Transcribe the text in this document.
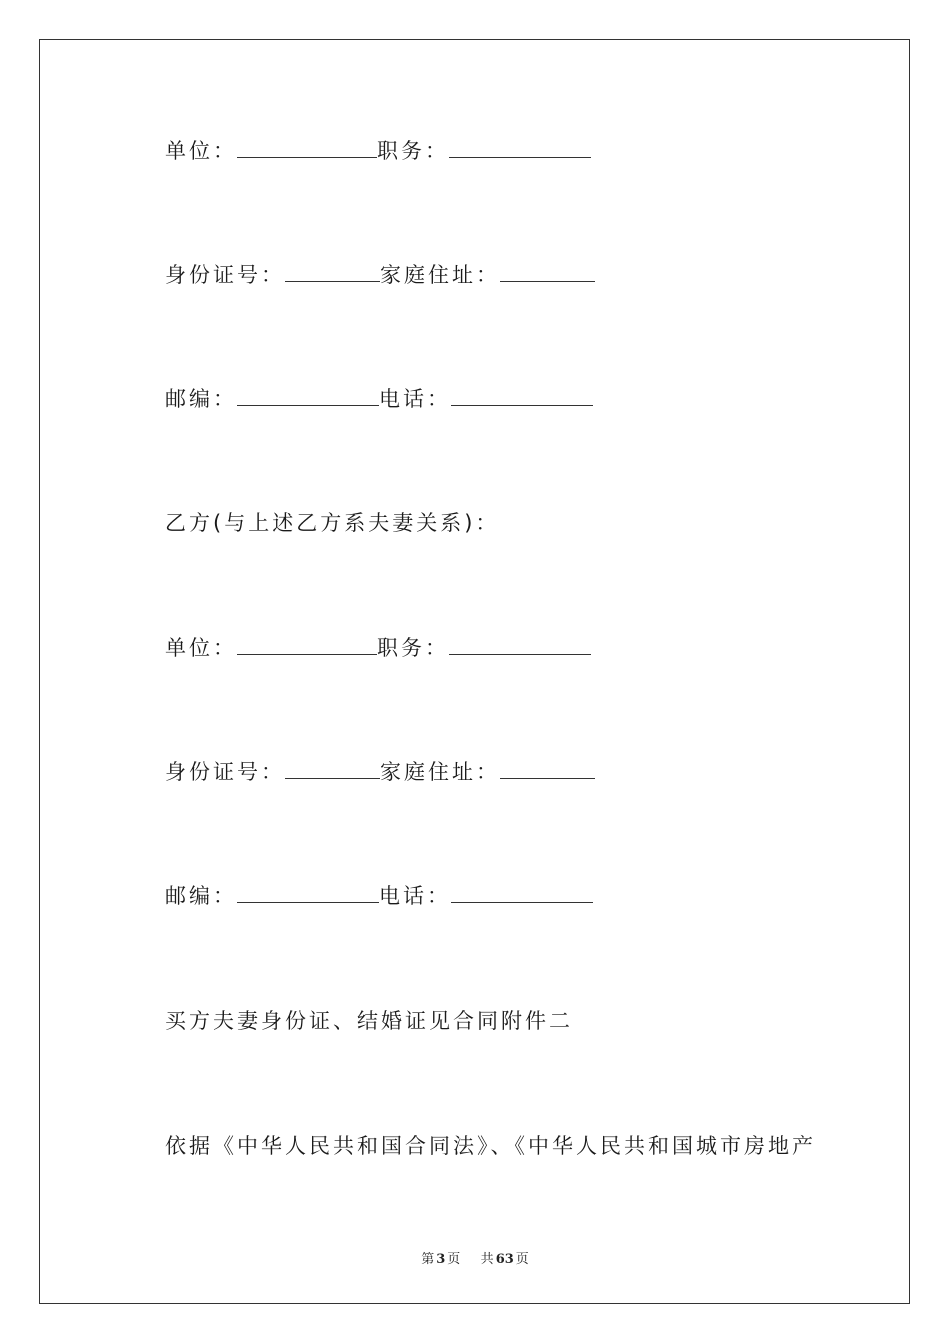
单位：	职务：
身份证号：	家庭住址：
邮编：	电话：
乙方(与上述乙方系夫妻关系)：
单位：	职务：
身份证号：	家庭住址：
邮编：	电话：
买方夫妻身份证、结婚证见合同附件二
依据《中华人民共和国合同法》、《中华人民共和国城市房地产
第 3 页 共 63 页
